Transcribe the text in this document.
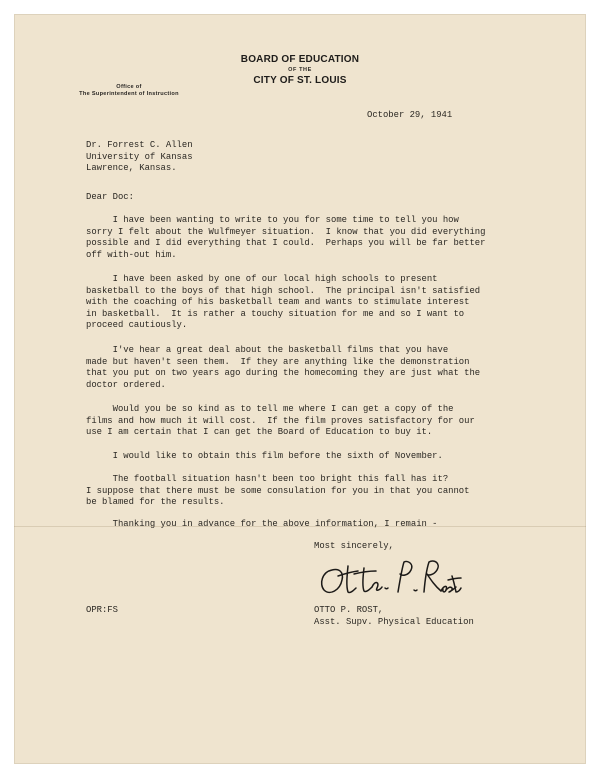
BOARD OF EDUCATION
OF THE
CITY OF ST. LOUIS
Office of
The Superintendent of Instruction

October 29, 1941

Dr. Forrest C. Allen

University of Kansas

Lawrence, Kansas.

Dear Doc:

I have been wanting to write to you for some time to tell you how
sorry I felt about the Wulfmeyer situation.  I know that you did everything
possible and I did everything that I could.  Perhaps you will be far better
off with-out him.

I have been asked by one of our local high schools to present
basketball to the boys of that high school.  The principal isn't satisfied
with the coaching of his basketball team and wants to stimulate interest
in basketball.  It is rather a touchy situation for me and so I want to
proceed cautiously.

I've hear a great deal about the basketball films that you have
made but haven't seen them.  If they are anything like the demonstration
that you put on two years ago during the homecoming they are just what the
doctor ordered.

Would you be so kind as to tell me where I can get a copy of the
films and how much it will cost.  If the film proves satisfactory for our
use I am certain that I can get the Board of Education to buy it.

I would like to obtain this film before the sixth of November.

The football situation hasn't been too bright this fall has it?
I suppose that there must be some consulation for you in that you cannot
be blamed for the results.

Thanking you in advance for the above information, I remain -

Most sincerely,

OPR:FS	OTTO P. ROST,

Asst. Supv. Physical Education
